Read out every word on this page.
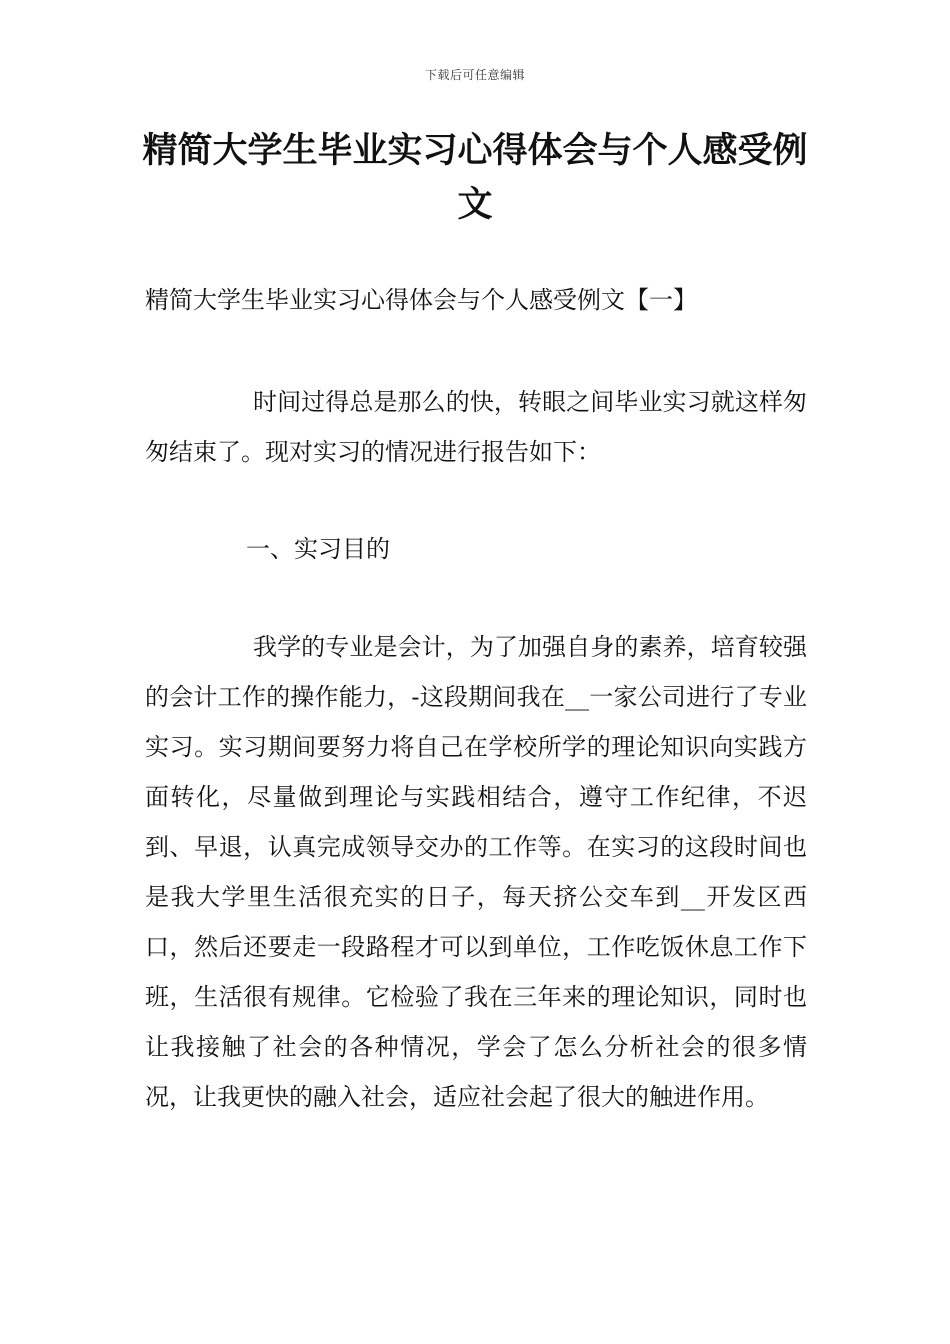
下载后可任意编辑
精简大学生毕业实习心得体会与个人感受例文

精简大学生毕业实习心得体会与个人感受例文【一】

时间过得总是那么的快，转眼之间毕业实习就这样匆匆结束了。现对实习的情况进行报告如下：

一、实习目的

我学的专业是会计，为了加强自身的素养，培育较强的会计工作的操作能力，-这段期间我在__一家公司进行了专业实习。实习期间要努力将自己在学校所学的理论知识向实践方面转化，尽量做到理论与实践相结合，遵守工作纪律，不迟到、早退，认真完成领导交办的工作等。在实习的这段时间也是我大学里生活很充实的日子，每天挤公交车到__开发区西口，然后还要走一段路程才可以到单位，工作吃饭休息工作下班，生活很有规律。它检验了我在三年来的理论知识，同时也让我接触了社会的各种情况，学会了怎么分析社会的很多情况，让我更快的融入社会，适应社会起了很大的触进作用。
